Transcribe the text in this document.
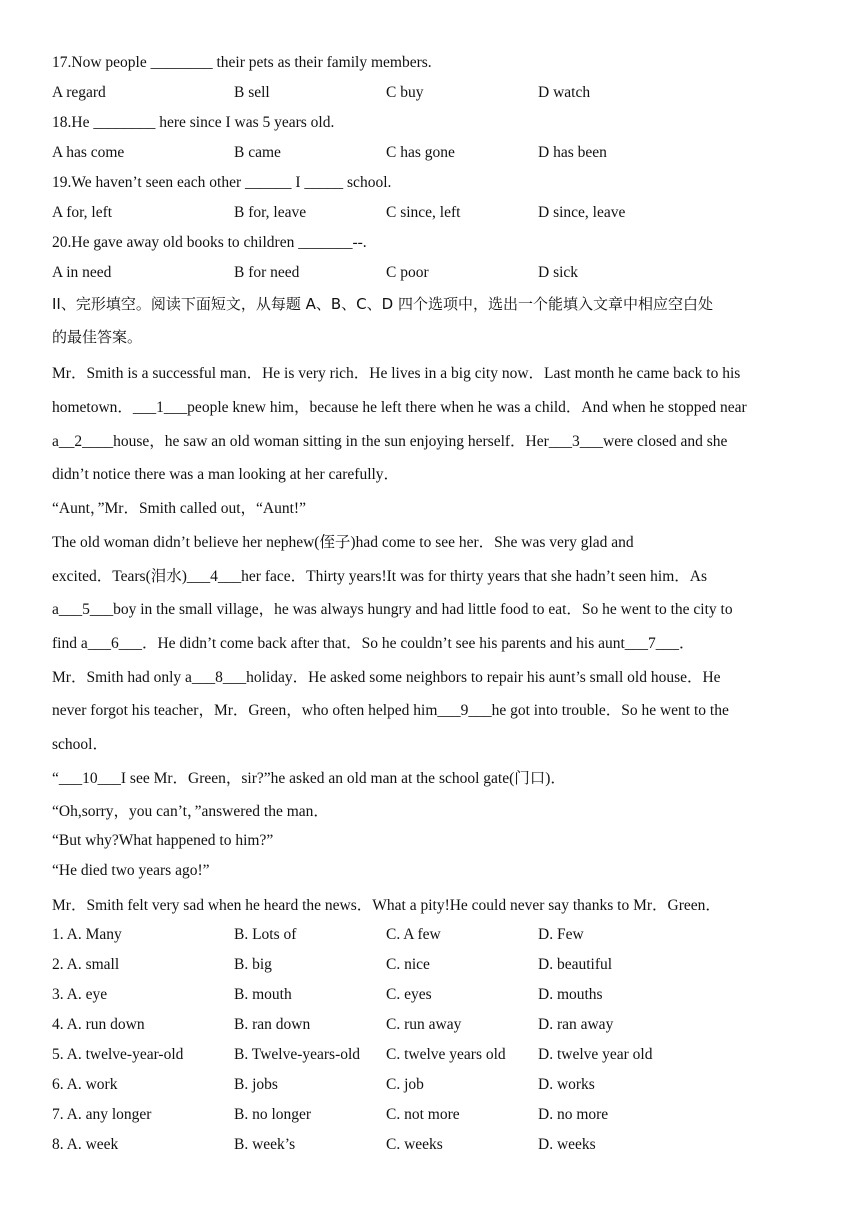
17.Now people ________ their pets as their family members.
A regard	B sell	C buy	D watch
18.He ________ here since I was 5 years old.
A has come	B came	C has gone	D has been
19.We haven’t seen each other ______ I _____ school.
A for, left	B for, leave	C since, left	D since, leave
20.He gave away old books to children _______--.
A in need	B for need	C poor	D sick
II、完形填空。阅读下面短文，从每题 A、B、C、D 四个选项中，选出一个能填入文章中相应空白处
的最佳答案。
Mr．Smith is a successful man．He is very rich．He lives in a big city now．Last month he came back to his
hometown．___1___people knew him，because he left there when he was a child．And when he stopped near
a__2____house，he saw an old woman sitting in the sun enjoying herself．Her___3___were closed and she
didn’t notice there was a man looking at her carefully．
“Aunt，”Mr．Smith called out，“Aunt!”
The old woman didn’t believe her nephew(侄子)had come to see her．She was very glad and
excited．Tears(泪水)___4___her face．Thirty years!It was for thirty years that she hadn’t seen him．As
a___5___boy in the small village，he was always hungry and had little food to eat．So he went to the city to
find a___6___．He didn’t come back after that．So he couldn’t see his parents and his aunt___7___．
Mr．Smith had only a___8___holiday．He asked some neighbors to repair his aunt’s small old house．He
never forgot his teacher，Mr．Green，who often helped him___9___he got into trouble．So he went to the
school．
“___10___I see Mr．Green，sir?”he asked an old man at the school gate(门口)．
“Oh,sorry，you can’t，”answered the man．
“But why?What happened to him?”
“He died two years ago!”
Mr．Smith felt very sad when he heard the news．What a pity!He could never say thanks to Mr．Green．
1. A. Many	B. Lots of	C. A few	D. Few
2. A. small	B. big	C. nice	D. beautiful
3. A. eye	B. mouth	C. eyes	D. mouths
4. A. run down	B. ran down	C. run away	D. ran away
5. A. twelve-year-old	B. Twelve-years-old C. twelve years old D. twelve year old
6. A. work	B. jobs	C. job	D. works
7. A. any longer	B. no longer	C. not more	D. no more
8. A. week	B. week’s	C. weeks	D. weeks
